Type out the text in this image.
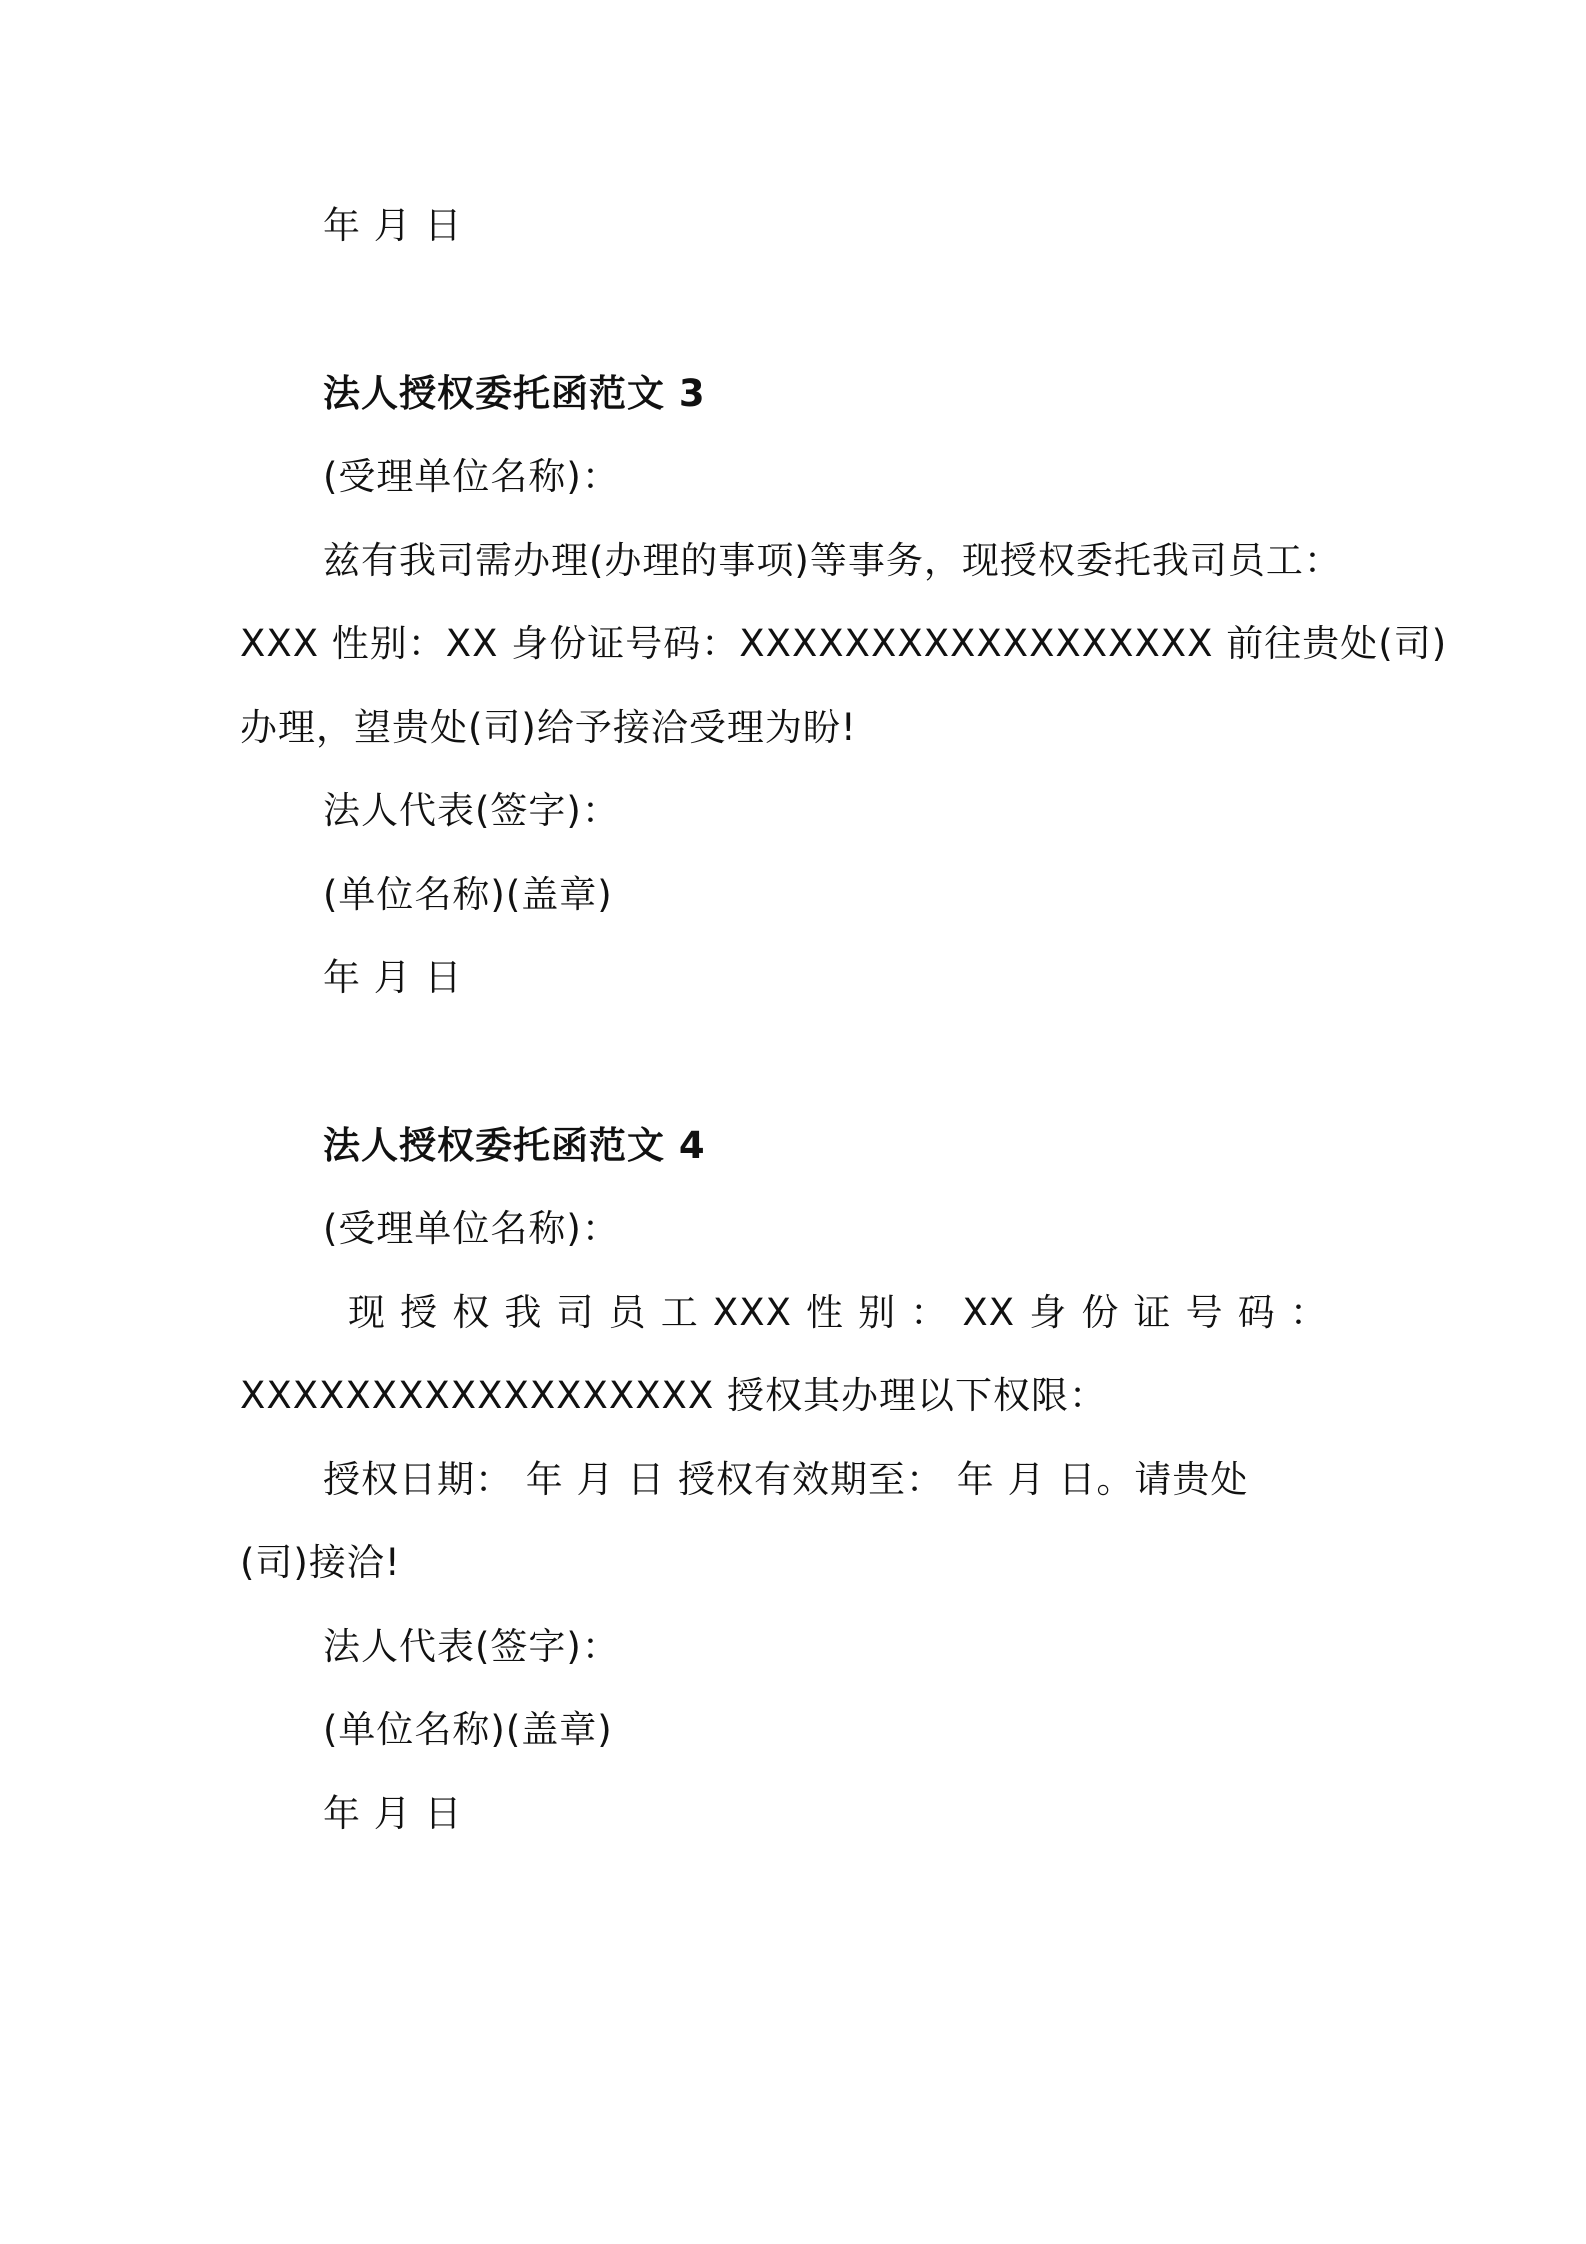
年 月 日
法人授权委托函范文 3
(受理单位名称)：
兹有我司需办理(办理的事项)等事务，现授权委托我司员工：
XXX 性别：XX 身份证号码：XXXXXXXXXXXXXXXXXX 前往贵处(司)
办理，望贵处(司)给予接洽受理为盼!
法人代表(签字)：
(单位名称)(盖章)
年 月 日
法人授权委托函范文 4
(受理单位名称)：
现 授 权 我 司 员 工 XXX 性 别 ： XX 身 份 证 号 码 ：
XXXXXXXXXXXXXXXXXX 授权其办理以下权限：
授权日期： 年 月 日 授权有效期至： 年 月 日。请贵处
(司)接洽!
法人代表(签字)：
(单位名称)(盖章)
年 月 日
